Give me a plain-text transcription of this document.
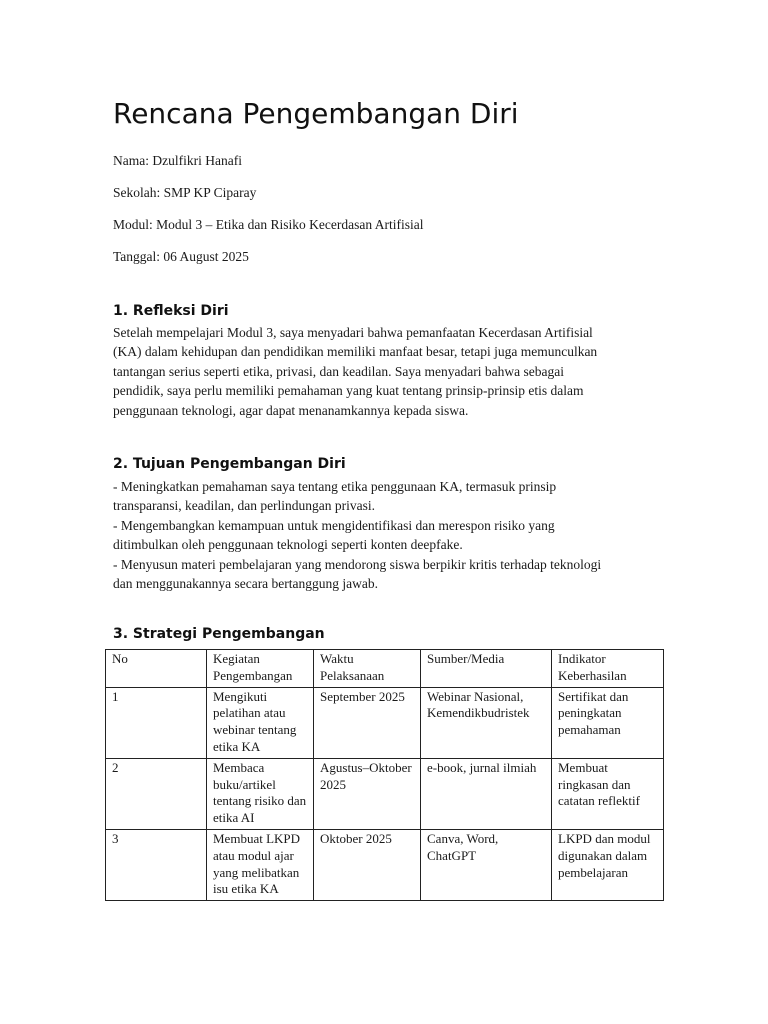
Rencana Pengembangan Diri

Nama: Dzulfikri Hanafi

Sekolah: SMP KP Ciparay

Modul: Modul 3 – Etika dan Risiko Kecerdasan Artifisial

Tanggal: 06 August 2025

1. Refleksi Diri
Setelah mempelajari Modul 3, saya menyadari bahwa pemanfaatan Kecerdasan Artifisial
(KA) dalam kehidupan dan pendidikan memiliki manfaat besar, tetapi juga memunculkan
tantangan serius seperti etika, privasi, dan keadilan. Saya menyadari bahwa sebagai
pendidik, saya perlu memiliki pemahaman yang kuat tentang prinsip-prinsip etis dalam
penggunaan teknologi, agar dapat menanamkannya kepada siswa.
2. Tujuan Pengembangan Diri
- Meningkatkan pemahaman saya tentang etika penggunaan KA, termasuk prinsip
transparansi, keadilan, dan perlindungan privasi.
- Mengembangkan kemampuan untuk mengidentifikasi dan merespon risiko yang
ditimbulkan oleh penggunaan teknologi seperti konten deepfake.
- Menyusun materi pembelajaran yang mendorong siswa berpikir kritis terhadap teknologi
dan menggunakannya secara bertanggung jawab.
3. Strategi Pengembangan
No	Kegiatan Pengembangan	Waktu Pelaksanaan	Sumber/Media	Indikator Keberhasilan
1	Mengikuti pelatihan atau webinar tentang etika KA	September 2025	Webinar Nasional, Kemendikbudristek	Sertifikat dan peningkatan pemahaman
2	Membaca buku/artikel tentang risiko dan etika AI	Agustus–Oktober 2025	e-book, jurnal ilmiah	Membuat ringkasan dan catatan reflektif
3	Membuat LKPD atau modul ajar yang melibatkan isu etika KA	Oktober 2025	Canva, Word, ChatGPT	LKPD dan modul digunakan dalam pembelajaran
